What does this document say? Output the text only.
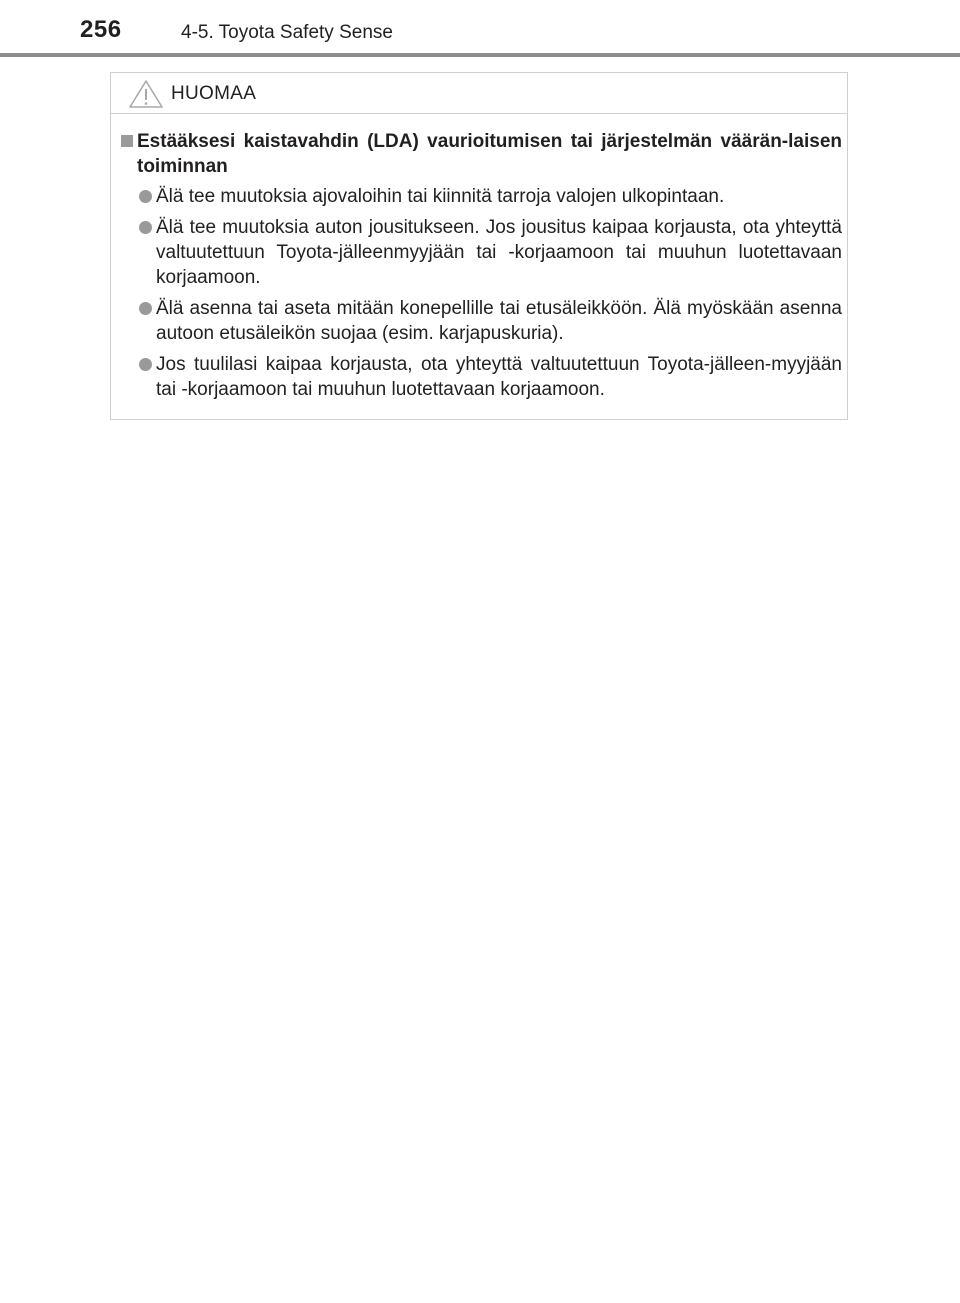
256	4-5. Toyota Safety Sense
HUOMAA
Estääksesi kaistavahdin (LDA) vaurioitumisen tai järjestelmän väärän-laisen toiminnan
Älä tee muutoksia ajovaloihin tai kiinnitä tarroja valojen ulkopintaan.
Älä tee muutoksia auton jousitukseen. Jos jousitus kaipaa korjausta, ota yhteyttä valtuutettuun Toyota-jälleenmyyjään tai -korjaamoon tai muuhun luotettavaan korjaamoon.
Älä asenna tai aseta mitään konepellille tai etusäleikköön. Älä myöskään asenna autoon etusäleikön suojaa (esim. karjapuskuria).
Jos tuulilasi kaipaa korjausta, ota yhteyttä valtuutettuun Toyota-jälleen-myyjään tai -korjaamoon tai muuhun luotettavaan korjaamoon.
